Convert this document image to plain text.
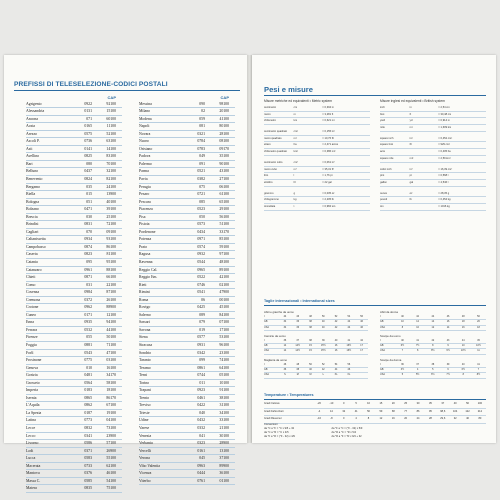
PREFISSI DI TELESELEZIONE-CODICI POSTALI
CAP
Agrigento	0922	92100
Alessandria	0131	15100
Ancona	071	60100
Aosta	0165	11100
Arezzo	0575	52100
Ascoli P.	0736	63100
Asti	0141	14100
Avellino	0825	83100
Bari	080	70100
Belluno	0437	32100
Benevento	0824	82100
Bergamo	035	24100
Biella	015	13900
Bologna	051	40100
Bolzano	0471	39100
Brescia	030	25100
Brindisi	0831	72100
Cagliari	070	09100
Caltanissetta	0934	93100
Campobasso	0874	86100
Caserta	0823	81100
Catania	095	95100
Catanzaro	0961	88100
Chieti	0871	66100
Como	031	22100
Cosenza	0984	87100
Cremona	0372	26100
Crotone	0962	88900
Cuneo	0171	12100
Enna	0935	94100
Ferrara	0532	44100
Firenze	055	50100
Foggia	0881	71100
Forlì	0543	47100
Frosinone	0775	03100
Genova	010	16100
Gorizia	0481	34170
Grosseto	0564	58100
Imperia	0183	18100
Isernia	0865	86170
L'Aquila	0862	67100
La Spezia	0187	19100
Latina	0773	04100
Lecce	0832	73100
Lecco	0341	23900
Livorno	0586	57100
Lodi	0371	26900
Lucca	0583	55100
Macerata	0733	62100
Mantova	0376	46100
Massa C.	0585	54100
Matera	0835	75100
CAP
Messina	090	98100
Milano	02	20100
Modena	059	41100
Napoli	081	80100
Novara	0321	28100
Nuoro	0784	08100
Oristano	0783	09170
Padova	049	35100
Palermo	091	90100
Parma	0521	43100
Pavia	0382	27100
Perugia	075	06100
Pesaro	0721	61100
Pescara	085	65100
Piacenza	0523	29100
Pisa	050	56100
Pistoia	0573	51100
Pordenone	0434	33170
Potenza	0971	85100
Prato	0574	59100
Ragusa	0932	97100
Ravenna	0544	48100
Reggio Cal.	0965	89100
Reggio Em.	0522	42100
Rieti	0746	02100
Rimini	0541	47900
Roma	06	00100
Rovigo	0425	45100
Salerno	089	84100
Sassari	079	07100
Savona	019	17100
Siena	0577	53100
Siracusa	0931	96100
Sondrio	0342	23100
Taranto	099	74100
Teramo	0861	64100
Terni	0744	05100
Torino	011	10100
Trapani	0923	91100
Trento	0461	38100
Treviso	0422	31100
Trieste	040	34100
Udine	0432	33100
Varese	0332	21100
Venezia	041	30100
Verbania	0323	28900
Vercelli	0161	13100
Verona	045	37100
Vibo Valentia	0963	89900
Vicenza	0444	36100
Viterbo	0761	01100
Pesi e misure
Misure metriche ed equivalenti • Metric system
centimetro	cm	= 0,394 in
metro	m	= 3,281 ft
chilometro	km	= 0,621 mi
centimetro quadrato	cm²	= 0,155 in²
metro quadrato	m²	= 10,76 ft²
ettaro	ha	= 2,471 acres
chilometro quadrato	km²	= 0,386 mi²
centimetro cubo	cm³	= 0,061 in³
metro cubo	m³	= 35,31 ft³
litro	l	= 1,76 pt
ettolitro	hl	= 22 gal
grammo	g	= 0,035 oz
chilogrammo	kg	= 2,205 lb
tonnellata	t	= 0,984 ton
Misure inglesi ed equivalenti • British system
inch	in	= 2,54 cm
foot	ft	= 30,48 cm
yard	yd	= 0,914 m
mile	mi	= 1,609 km
square inch	in²	= 6,452 cm²
square foot	ft²	= 929 cm²
acre	= 0,405 ha
square mile	mi²	= 2,59 km²
cubic inch	in³	= 16,39 cm³
pint	pt	= 0,568 l
gallon	gal	= 4,546 l
ounce	oz	= 28,35 g
pound	lb	= 0,454 kg
ton	= 1016 kg
Taglie internazionali • International sizes
Abiti e giacche da uomo
I	44	46	48	50	52	54	56
GB	34	36	38	40	42	44	46
USA	34	36	38	40	42	44	46
Camicie da uomo
I	36	37	38	39	40	41	42
GB	14	14½	15	15½	16	16½	17
USA	14	14½	15	15½	16	16½	17
Maglieria da uomo
I	46	48	50	52	54	56
GB	36	38	40	42	44	46
USA	S	M	M	L	XL	XL
Abiti da donna
I	40	42	44	46	48	50
GB	10	12	14	16	18	20
USA	8	10	12	14	16	18
Scarpe da uomo
I	40	41	42	43	44	45
GB	6½	7½	8	9	10	10½
USA	7	8	8½	9½	10½	11
Scarpe da donna
I	36	37	38	39	40	41
GB	3½	4	5	6	6½	7
USA	5	5½	6½	7½	8	8½
Temperature • Temperatures
Gradi Celsius	-20	-10	0	5	10	15	20	25	30	35	37	40	50	100
Gradi Fahrenheit	-4	14	32	41	50	59	68	77	86	95	98,6	104	122	212
Gradi Réaumur	-16	-8	0	4	8	12	16	20	24	28	29,6	32	40	80
Conversioni
da °C a °F = °C x 9/5 + 32	da °F a °C = (°F - 32) x 5/9
da °C a °R = °C x 4/5	da °R a °C = °R x 5/4
da °F a °R = (°F - 32) x 4/9	da °R a °F = °R x 9/4 + 32
